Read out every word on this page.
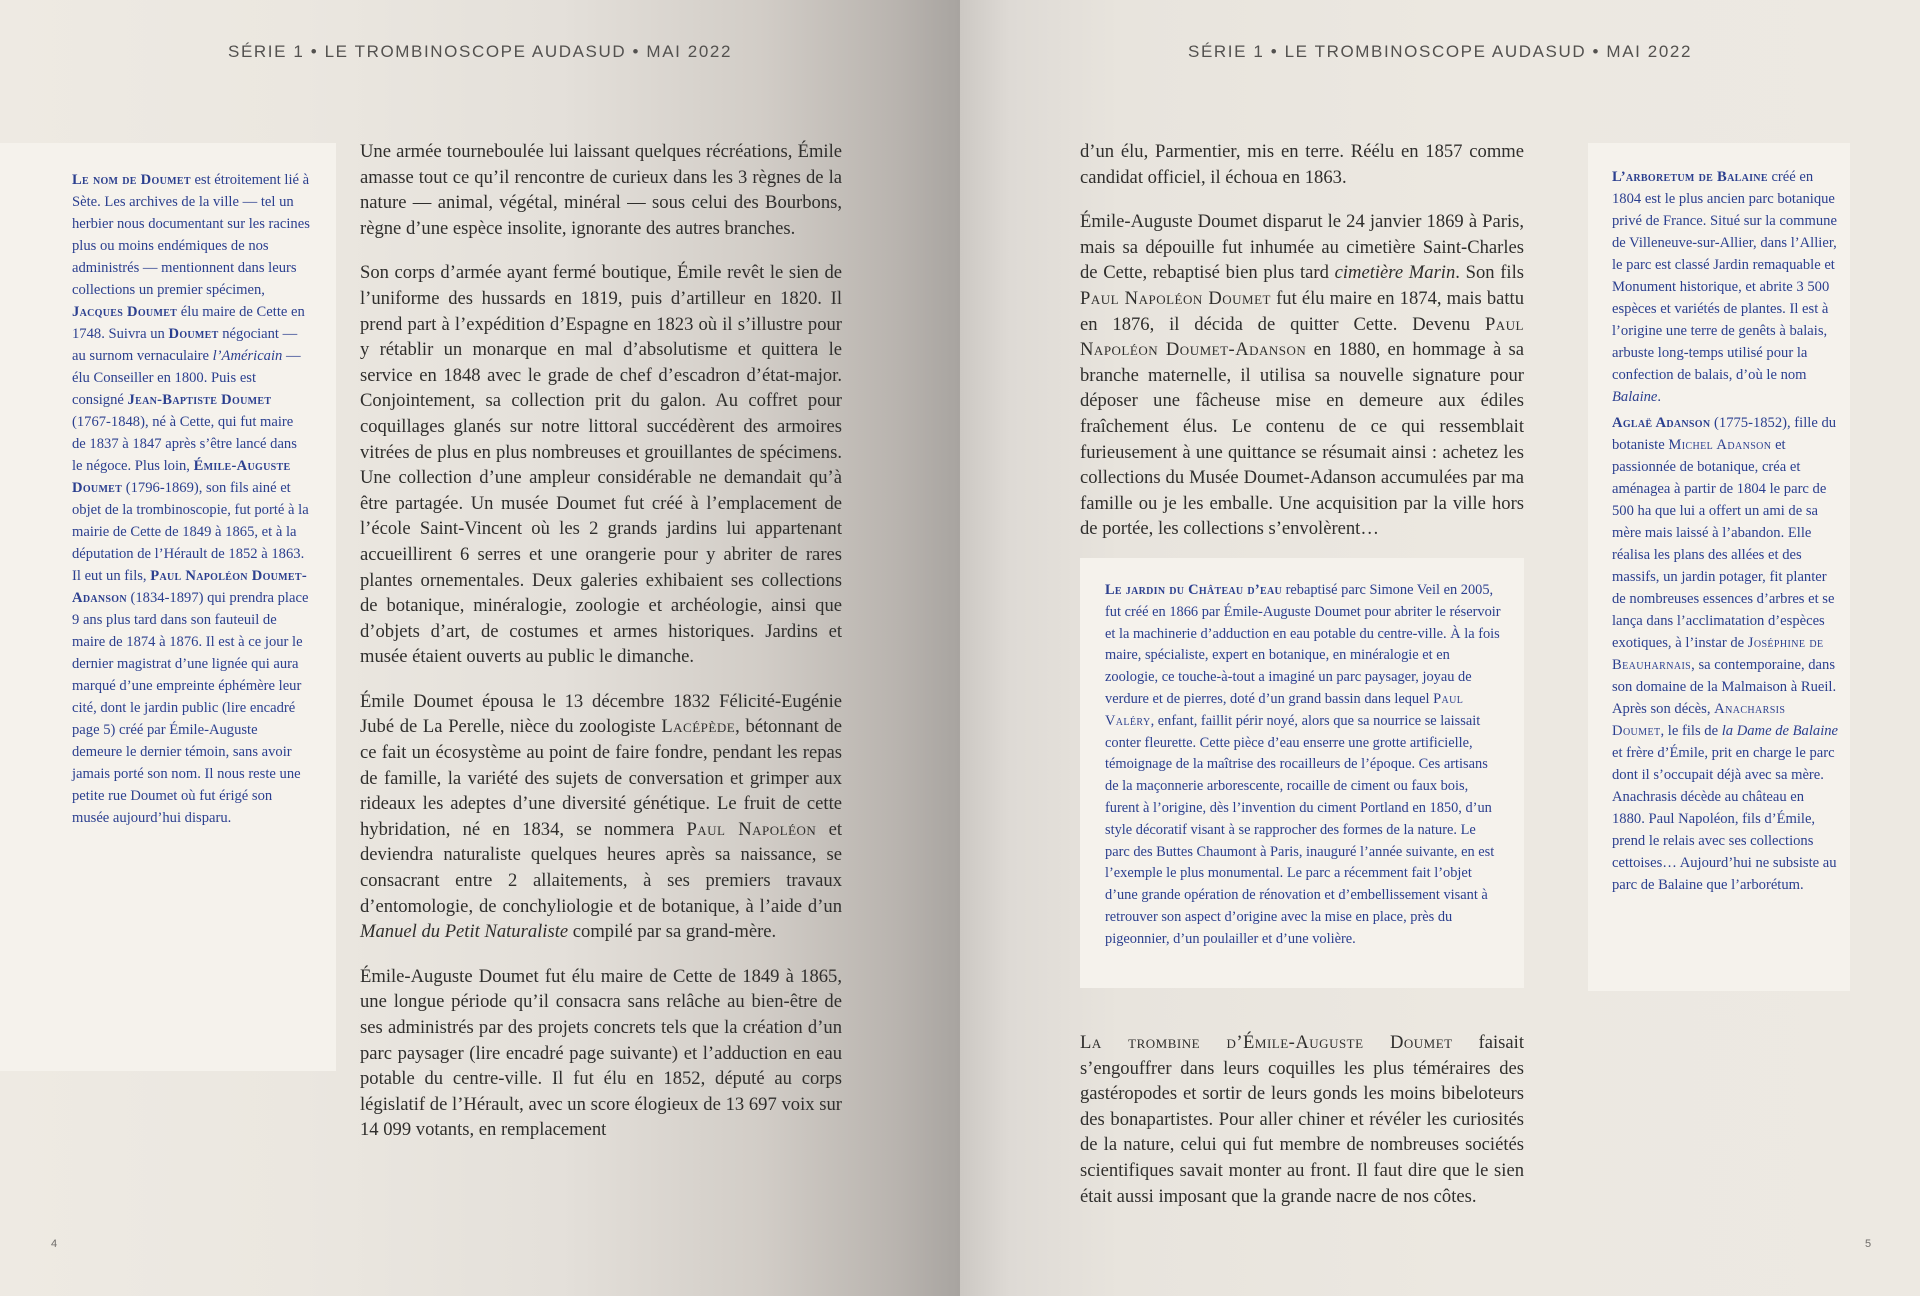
SÉRIE 1 • LE TROMBINOSCOPE AUDASUD • MAI 2022

Le nom de Doumet est étroitement lié à Sète. Les archives de la ville — tel un herbier nous documentant sur les racines plus ou moins endémiques de nos administrés — mentionnent dans leurs collections un premier spécimen, Jacques Doumet élu maire de Cette en 1748. Suivra un Doumet négociant — au surnom vernaculaire l’Américain — élu Conseiller en 1800. Puis est consigné Jean-Baptiste Doumet (1767-1848), né à Cette, qui fut maire de 1837 à 1847 après s’être lancé dans le négoce. Plus loin, Émile-Auguste Doumet (1796-1869), son fils ainé et objet de la trombinoscopie, fut porté à la mairie de Cette de 1849 à 1865, et à la députation de l’Hérault de 1852 à 1863. Il eut un fils, Paul Napoléon Doumet-Adanson (1834-1897) qui prendra place 9 ans plus tard dans son fauteuil de maire de 1874 à 1876. Il est à ce jour le dernier magistrat d’une lignée qui aura marqué d’une empreinte éphémère leur cité, dont le jardin public (lire encadré page 5) créé par Émile-Auguste demeure le dernier témoin, sans avoir jamais porté son nom. Il nous reste une petite rue Doumet où fut érigé son musée aujourd’hui disparu.

Une armée tourneboulée lui laissant quelques récréations, Émile amasse tout ce qu’il rencontre de curieux dans les 3 règnes de la nature — animal, végétal, minéral — sous celui des Bourbons, règne d’une espèce insolite, ignorante des autres branches.

Son corps d’armée ayant fermé boutique, Émile revêt le sien de l’uniforme des hussards en 1819, puis d’artilleur en 1820. Il prend part à l’expédition d’Espagne en 1823 où il s’illustre pour y rétablir un monarque en mal d’absolutisme et quittera le service en 1848 avec le grade de chef d’escadron d’état-major. Conjointement, sa collection prit du galon. Au coffret pour coquillages glanés sur notre littoral succédèrent des armoires vitrées de plus en plus nombreuses et grouillantes de spécimens. Une collection d’une ampleur considérable ne demandait qu’à être partagée. Un musée Doumet fut créé à l’emplacement de l’école Saint-Vincent où les 2 grands jardins lui appartenant accueillirent 6 serres et une orangerie pour y abriter de rares plantes ornementales. Deux galeries exhibaient ses collections de botanique, minéralogie, zoologie et archéologie, ainsi que d’objets d’art, de costumes et armes historiques. Jardins et musée étaient ouverts au public le dimanche.

Émile Doumet épousa le 13 décembre 1832 Félicité-Eugénie Jubé de La Perelle, nièce du zoologiste Lacépède, bétonnant de ce fait un écosystème au point de faire fondre, pendant les repas de famille, la variété des sujets de conversation et grimper aux rideaux les adeptes d’une diversité génétique. Le fruit de cette hybridation, né en 1834, se nommera Paul Napoléon et deviendra naturaliste quelques heures après sa naissance, se consacrant entre 2 allaitements, à ses premiers travaux d’entomologie, de conchyliologie et de botanique, à l’aide d’un Manuel du Petit Naturaliste compilé par sa grand-mère.

Émile-Auguste Doumet fut élu maire de Cette de 1849 à 1865, une longue période qu’il consacra sans relâche au bien-être de ses administrés par des projets concrets tels que la création d’un parc paysager (lire encadré page suivante) et l’adduction en eau potable du centre-ville. Il fut élu en 1852, député au corps législatif de l’Hérault, avec un score élogieux de 13 697 voix sur 14 099 votants, en remplacement

4
SÉRIE 1 • LE TROMBINOSCOPE AUDASUD • MAI 2022

d’un élu, Parmentier, mis en terre. Réélu en 1857 comme candidat officiel, il échoua en 1863.

Émile-Auguste Doumet disparut le 24 janvier 1869 à Paris, mais sa dépouille fut inhumée au cimetière Saint-Charles de Cette, rebaptisé bien plus tard cimetière Marin. Son fils Paul Napoléon Doumet fut élu maire en 1874, mais battu en 1876, il décida de quitter Cette. Devenu Paul Napoléon Doumet-Adanson en 1880, en hommage à sa branche maternelle, il utilisa sa nouvelle signature pour déposer une fâcheuse mise en demeure aux édiles fraîchement élus. Le contenu de ce qui ressemblait furieusement à une quittance se résumait ainsi : achetez les collections du Musée Doumet-Adanson accumulées par ma famille ou je les emballe. Une acquisition par la ville hors de portée, les collections s’envolèrent…

Le jardin du Château d’eau rebaptisé parc Simone Veil en 2005, fut créé en 1866 par Émile-Auguste Doumet pour abriter le réservoir et la machinerie d’adduction en eau potable du centre-ville. À la fois maire, spécialiste, expert en botanique, en minéralogie et en zoologie, ce touche-à-tout a imaginé un parc paysager, joyau de verdure et de pierres, doté d’un grand bassin dans lequel Paul Valéry, enfant, faillit périr noyé, alors que sa nourrice se laissait conter fleurette. Cette pièce d’eau enserre une grotte artificielle, témoignage de la maîtrise des rocailleurs de l’époque. Ces artisans de la maçonnerie arborescente, rocaille de ciment ou faux bois, furent à l’origine, dès l’invention du ciment Portland en 1850, d’un style décoratif visant à se rapprocher des formes de la nature. Le parc des Buttes Chaumont à Paris, inauguré l’année suivante, en est l’exemple le plus monumental. Le parc a récemment fait l’objet d’une grande opération de rénovation et d’embellissement visant à retrouver son aspect d’origine avec la mise en place, près du pigeonnier, d’un poulailler et d’une volière.

La trombine d’Émile-Auguste Doumet faisait s’engouffrer dans leurs coquilles les plus téméraires des gastéropodes et sortir de leurs gonds les moins bibeloteurs des bonapartistes. Pour aller chiner et révéler les curiosités de la nature, celui qui fut membre de nombreuses sociétés scientifiques savait monter au front. Il faut dire que le sien était aussi imposant que la grande nacre de nos côtes.

L’arboretum de Balaine créé en 1804 est le plus ancien parc botanique privé de France. Situé sur la commune de Villeneuve-sur-Allier, dans l’Allier, le parc est classé Jardin remaquable et Monument historique, et abrite 3 500 espèces et variétés de plantes. Il est à l’origine une terre de genêts à balais, arbuste long-temps utilisé pour la confection de balais, d’où le nom Balaine.

Aglaë Adanson (1775-1852), fille du botaniste Michel Adanson et passionnée de botanique, créa et aménagea à partir de 1804 le parc de 500 ha que lui a offert un ami de sa mère mais laissé à l’abandon. Elle réalisa les plans des allées et des massifs, un jardin potager, fit planter de nombreuses essences d’arbres et se lança dans l’acclimatation d’espèces exotiques, à l’instar de Joséphine de Beauharnais, sa contemporaine, dans son domaine de la Malmaison à Rueil. Après son décès, Anacharsis Doumet, le fils de la Dame de Balaine et frère d’Émile, prit en charge le parc dont il s’occupait déjà avec sa mère. Anachrasis décède au château en 1880. Paul Napoléon, fils d’Émile, prend le relais avec ses collections cettoises… Aujourd’hui ne subsiste au parc de Balaine que l’arborétum.

5
